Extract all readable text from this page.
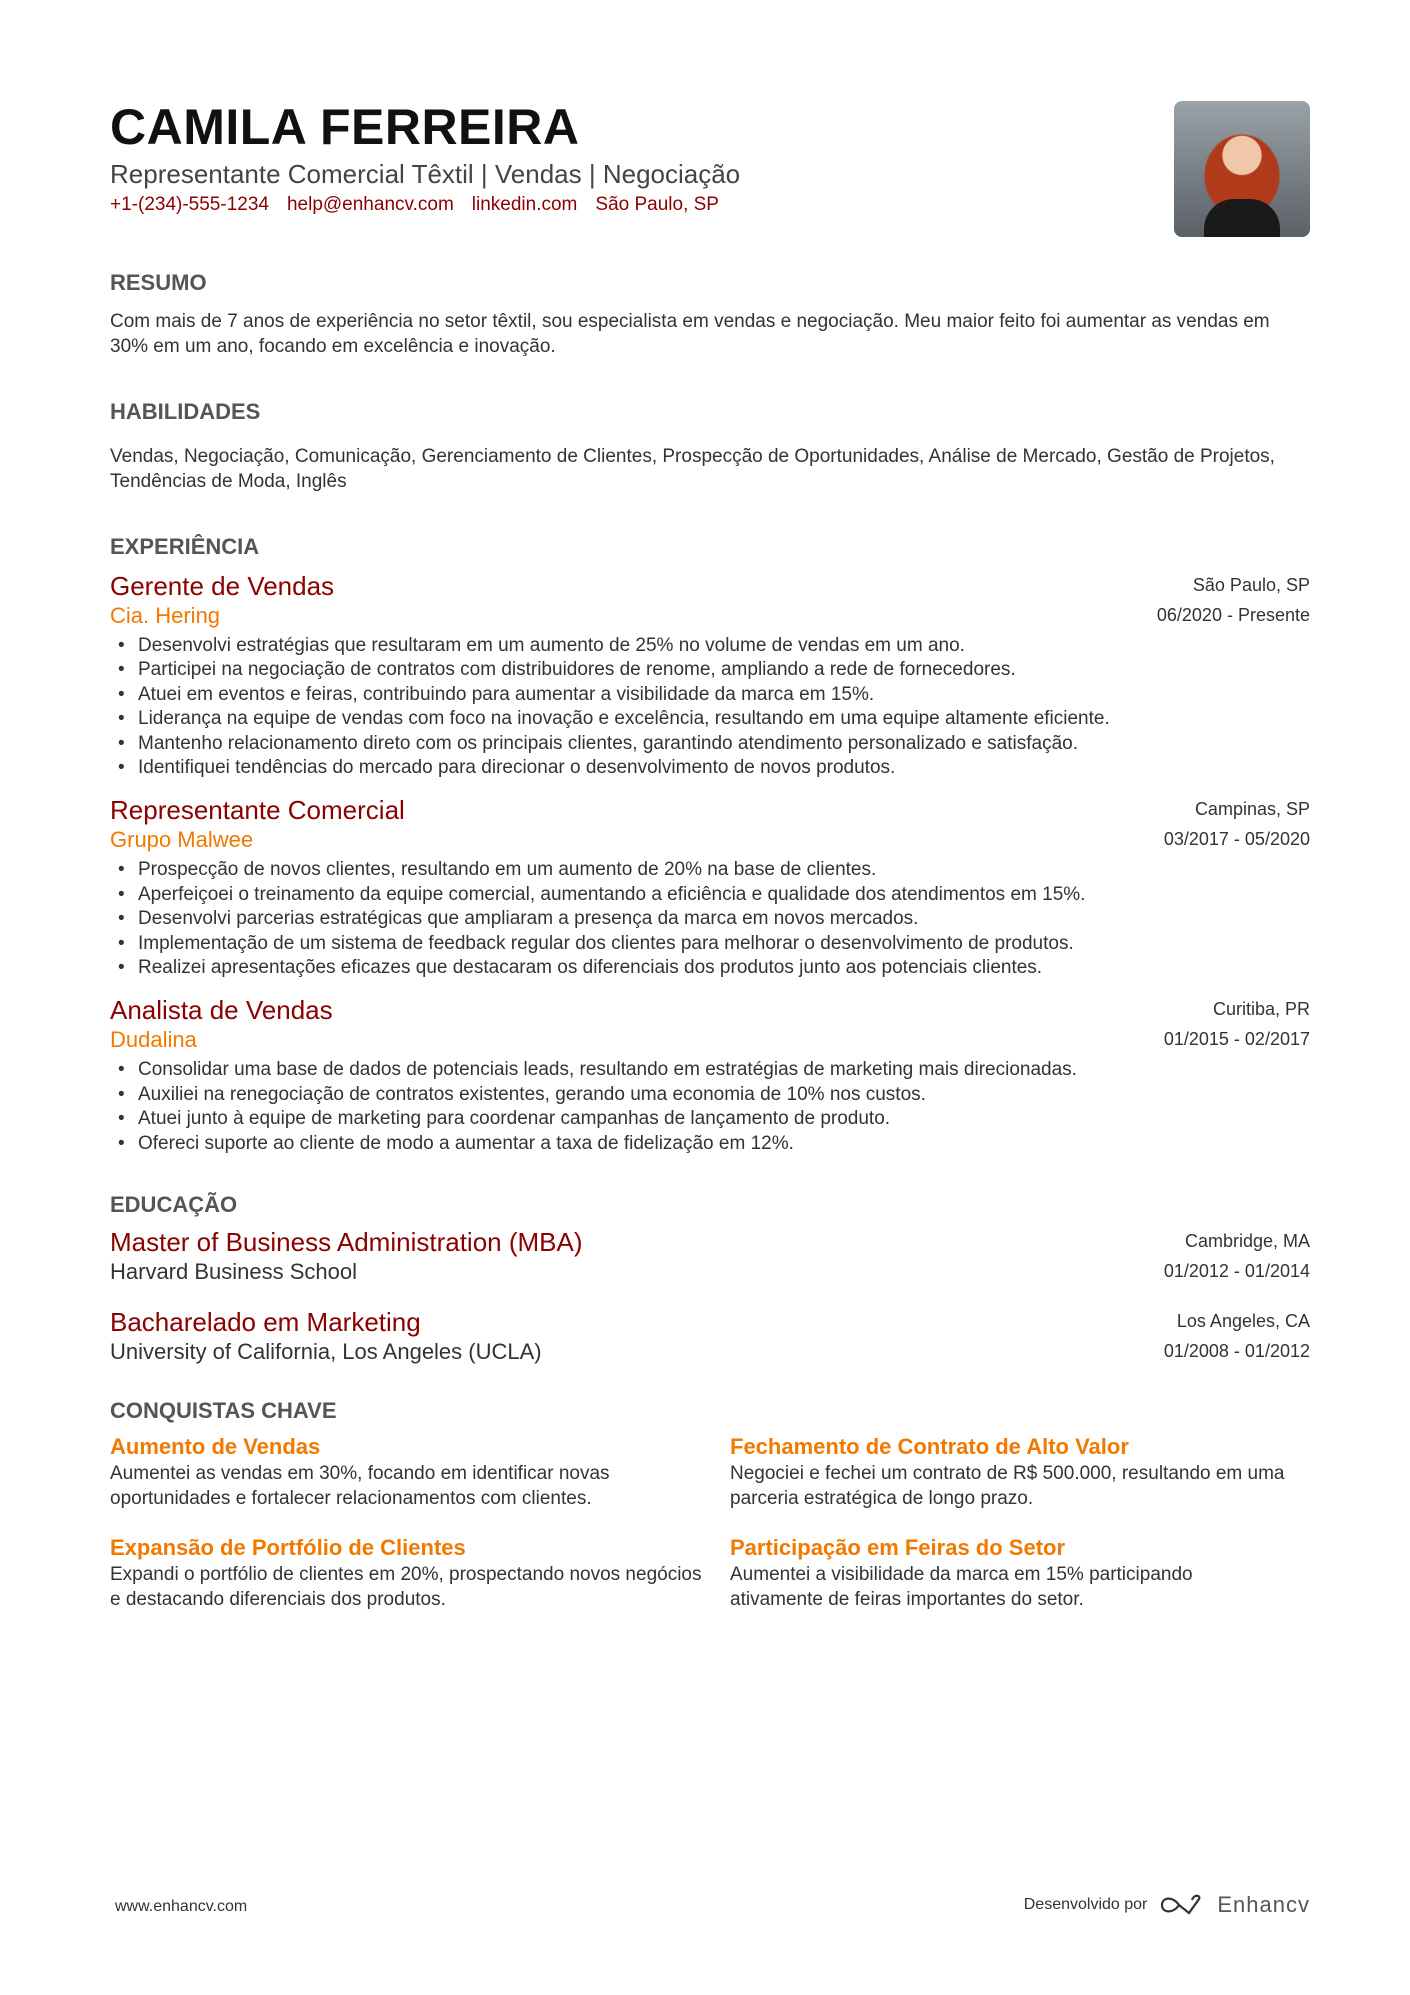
CAMILA FERREIRA
Representante Comercial Têxtil | Vendas | Negociação
+1-(234)-555-1234 help@enhancv.com linkedin.com São Paulo, SP
RESUMO
Com mais de 7 anos de experiência no setor têxtil, sou especialista em vendas e negociação. Meu maior feito foi aumentar as vendas em 30% em um ano, focando em excelência e inovação.
HABILIDADES
Vendas, Negociação, Comunicação, Gerenciamento de Clientes, Prospecção de Oportunidades, Análise de Mercado, Gestão de Projetos, Tendências de Moda, Inglês
EXPERIÊNCIA
Gerente de Vendas
Cia. Hering
São Paulo, SP
06/2020 - Presente
• Desenvolvi estratégias que resultaram em um aumento de 25% no volume de vendas em um ano.
• Participei na negociação de contratos com distribuidores de renome, ampliando a rede de fornecedores.
• Atuei em eventos e feiras, contribuindo para aumentar a visibilidade da marca em 15%.
• Liderança na equipe de vendas com foco na inovação e excelência, resultando em uma equipe altamente eficiente.
• Mantenho relacionamento direto com os principais clientes, garantindo atendimento personalizado e satisfação.
• Identifiquei tendências do mercado para direcionar o desenvolvimento de novos produtos.
Representante Comercial
Grupo Malwee
Campinas, SP
03/2017 - 05/2020
• Prospecção de novos clientes, resultando em um aumento de 20% na base de clientes.
• Aperfeiçoei o treinamento da equipe comercial, aumentando a eficiência e qualidade dos atendimentos em 15%.
• Desenvolvi parcerias estratégicas que ampliaram a presença da marca em novos mercados.
• Implementação de um sistema de feedback regular dos clientes para melhorar o desenvolvimento de produtos.
• Realizei apresentações eficazes que destacaram os diferenciais dos produtos junto aos potenciais clientes.
Analista de Vendas
Dudalina
Curitiba, PR
01/2015 - 02/2017
• Consolidar uma base de dados de potenciais leads, resultando em estratégias de marketing mais direcionadas.
• Auxiliei na renegociação de contratos existentes, gerando uma economia de 10% nos custos.
• Atuei junto à equipe de marketing para coordenar campanhas de lançamento de produto.
• Ofereci suporte ao cliente de modo a aumentar a taxa de fidelização em 12%.
EDUCAÇÃO
Master of Business Administration (MBA)
Harvard Business School
Cambridge, MA
01/2012 - 01/2014
Bacharelado em Marketing
University of California, Los Angeles (UCLA)
Los Angeles, CA
01/2008 - 01/2012
CONQUISTAS CHAVE
Aumento de Vendas
Aumentei as vendas em 30%, focando em identificar novas oportunidades e fortalecer relacionamentos com clientes.
Fechamento de Contrato de Alto Valor
Negociei e fechei um contrato de R$ 500.000, resultando em uma parceria estratégica de longo prazo.
Expansão de Portfólio de Clientes
Expandi o portfólio de clientes em 20%, prospectando novos negócios e destacando diferenciais dos produtos.
Participação em Feiras do Setor
Aumentei a visibilidade da marca em 15% participando ativamente de feiras importantes do setor.
www.enhancv.com	Desenvolvido por	Enhancv
